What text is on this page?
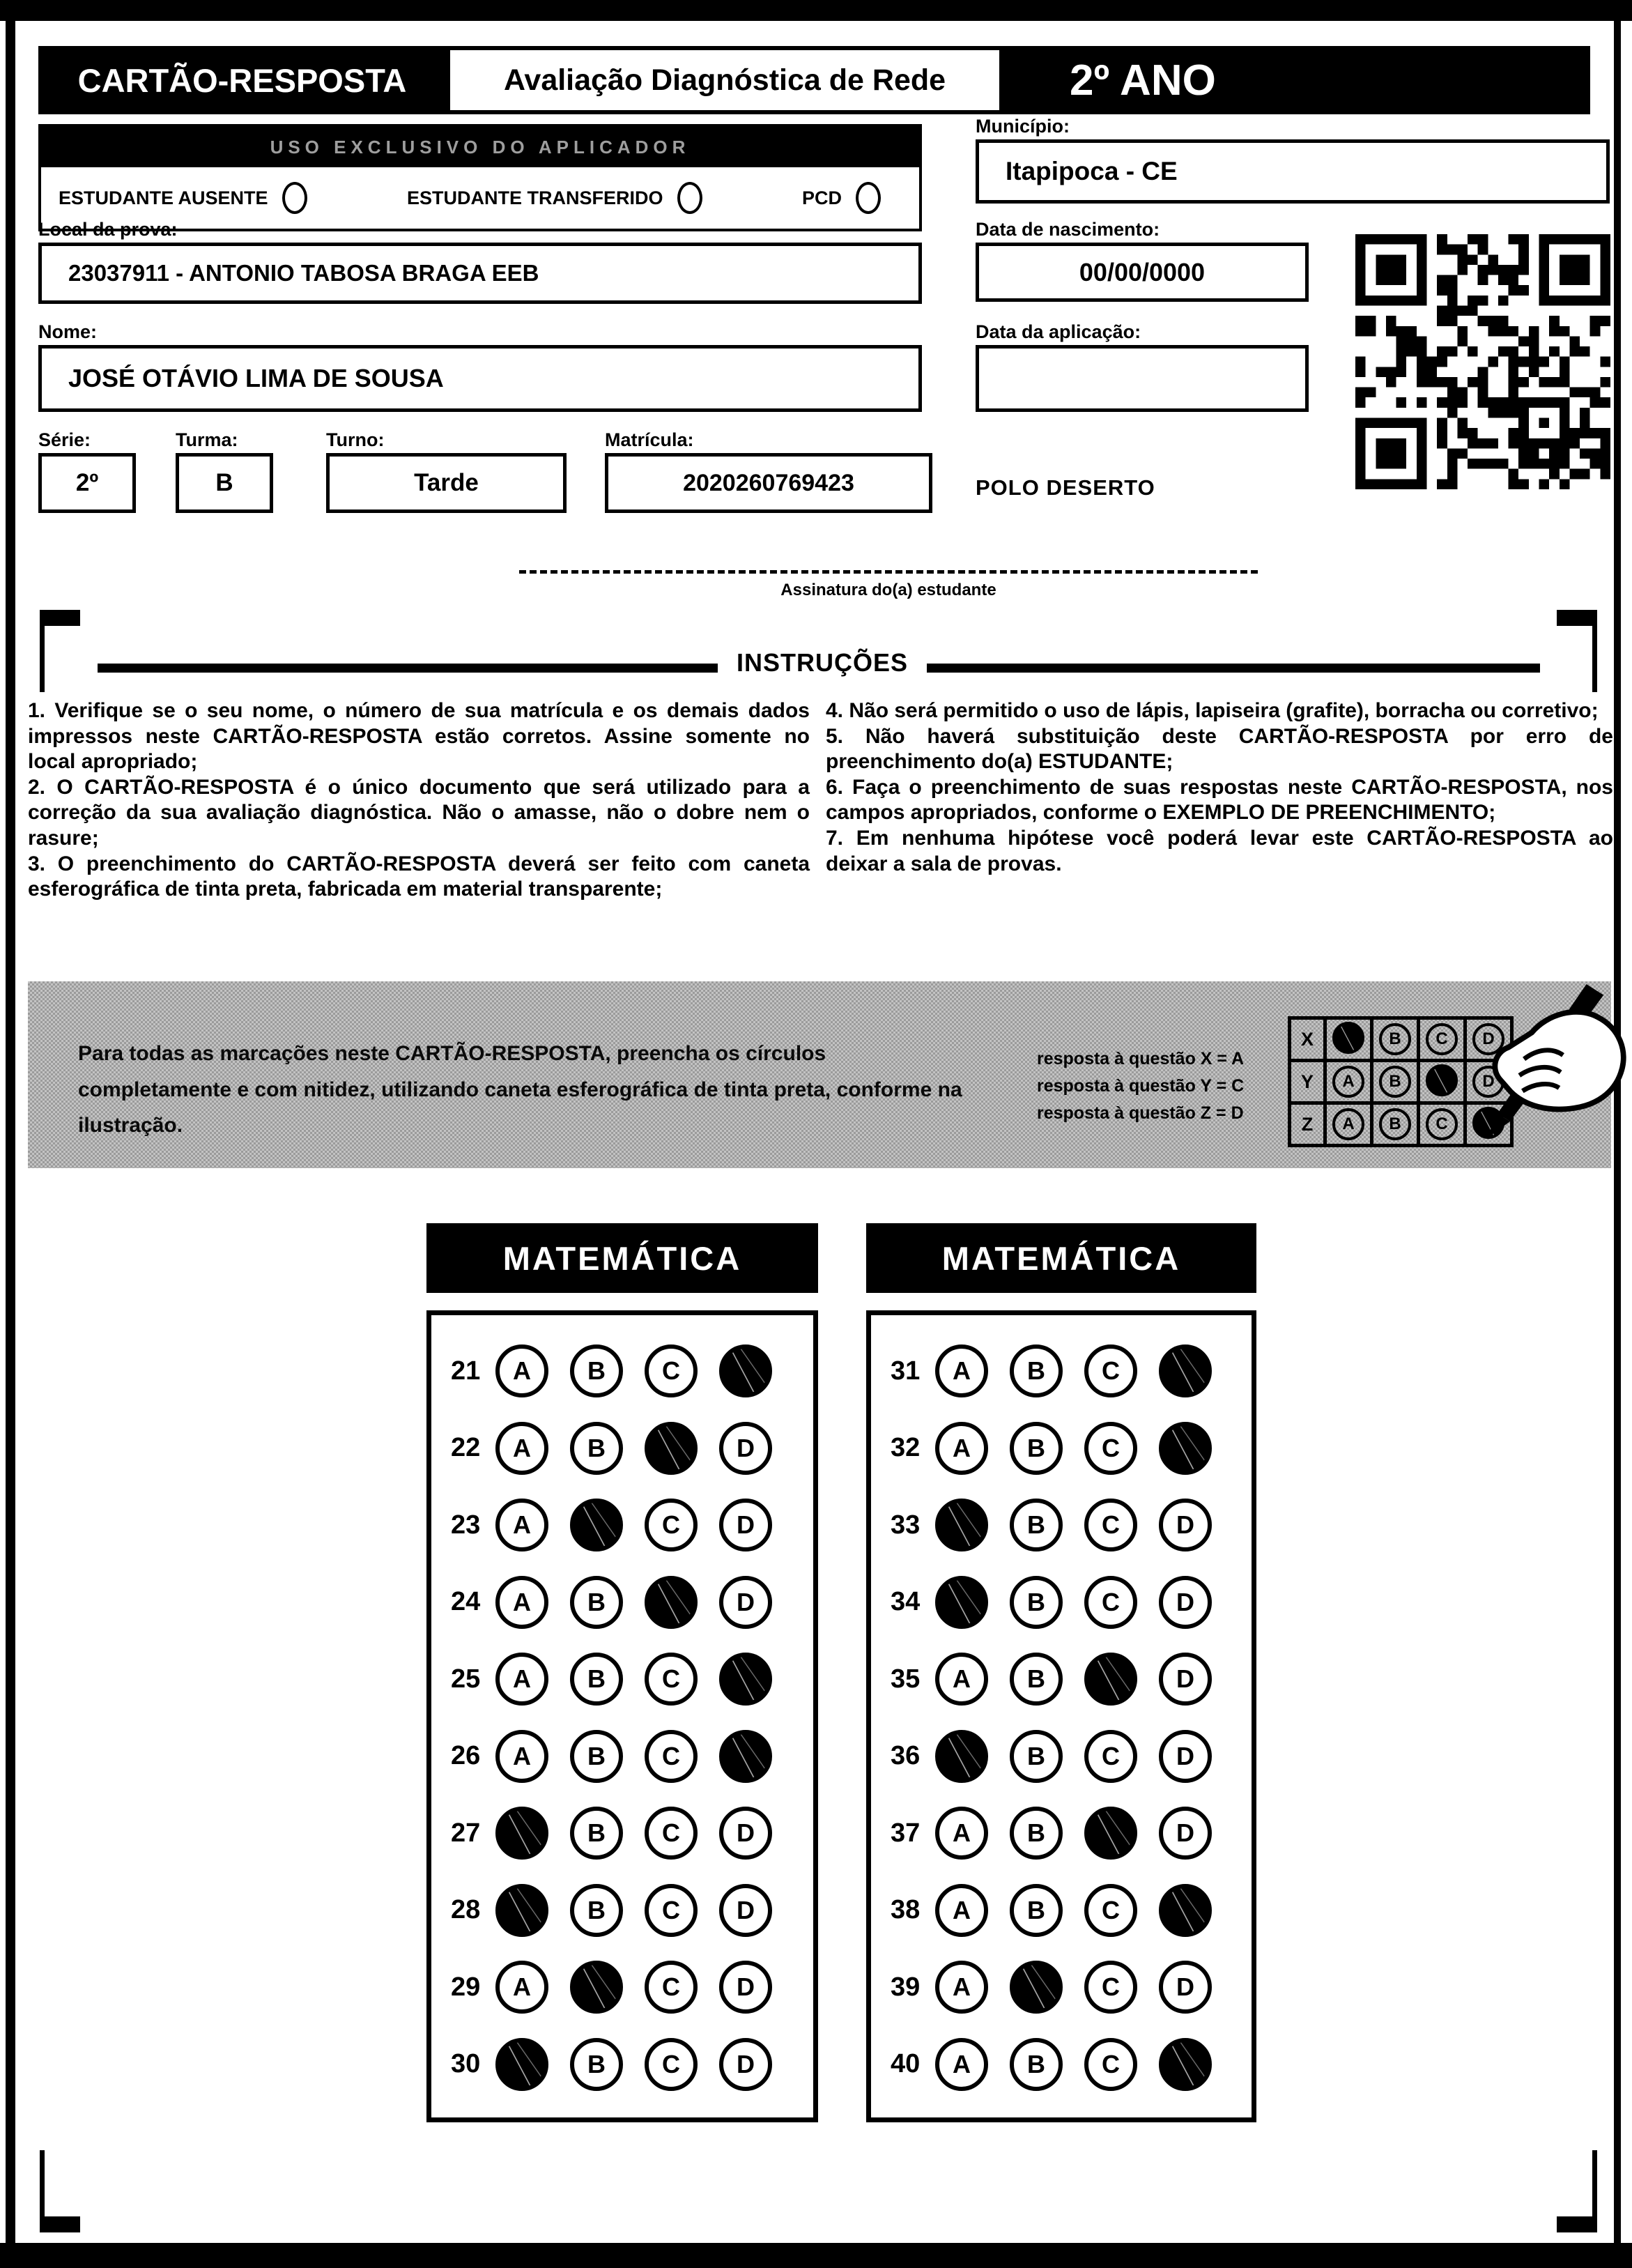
CARTÃO-RESPOSTA	Avaliação Diagnóstica de Rede	2º ANO
USO EXCLUSIVO DO APLICADOR
ESTUDANTE AUSENTE	ESTUDANTE TRANSFERIDO	PCD
Local da prova:
23037911 - ANTONIO TABOSA BRAGA EEB
Nome:
JOSÉ OTÁVIO LIMA DE SOUSA
Série:
2º
Turma:
B
Turno:
Tarde
Matrícula:
2020260769423
Município:
Itapipoca - CE
Data de nascimento:
00/00/0000
Data da aplicação:
POLO DESERTO
Assinatura do(a) estudante
INSTRUÇÕES

1. Verifique se o seu nome, o número de sua matrícula e os demais dados impressos neste CARTÃO-RESPOSTA estão corretos. Assine somente no local apropriado;

2. O CARTÃO-RESPOSTA é o único documento que será utilizado para a correção da sua avaliação diagnóstica. Não o amasse, não o dobre nem o rasure;

3. O preenchimento do CARTÃO-RESPOSTA deverá ser feito com caneta esferográfica de tinta preta, fabricada em material transparente;

4. Não será permitido o uso de lápis, lapiseira (grafite), borracha ou corretivo;

5. Não haverá substituição deste CARTÃO-RESPOSTA por erro de preenchimento do(a) ESTUDANTE;

6. Faça o preenchimento de suas respostas neste CARTÃO-RESPOSTA, nos campos apropriados, conforme o EXEMPLO DE PREENCHIMENTO;

7. Em nenhuma hipótese você poderá levar este CARTÃO-RESPOSTA ao deixar a sala de provas.

Para todas as marcações neste CARTÃO-RESPOSTA, preencha os círculos completamente e com nitidez, utilizando caneta esferográfica de tinta preta, conforme na ilustração.

resposta à questão X = A

resposta à questão Y = C

resposta à questão Z = D

X		B	C	D
Y	A	B		D
Z	A	B	C	
MATEMÁTICA	MATEMÁTICA
21	A	B	C
22	A	B	D
23	A	C	D
24	A	B	D
25	A	B	C
26	A	B	C
27	B	C	D
28	B	C	D
29	A	C	D
30	B	C	D
31	A	B	C
32	A	B	C
33	B	C	D
34	B	C	D
35	A	B	D
36	B	C	D
37	A	B	D
38	A	B	C
39	A	C	D
40	A	B	C
